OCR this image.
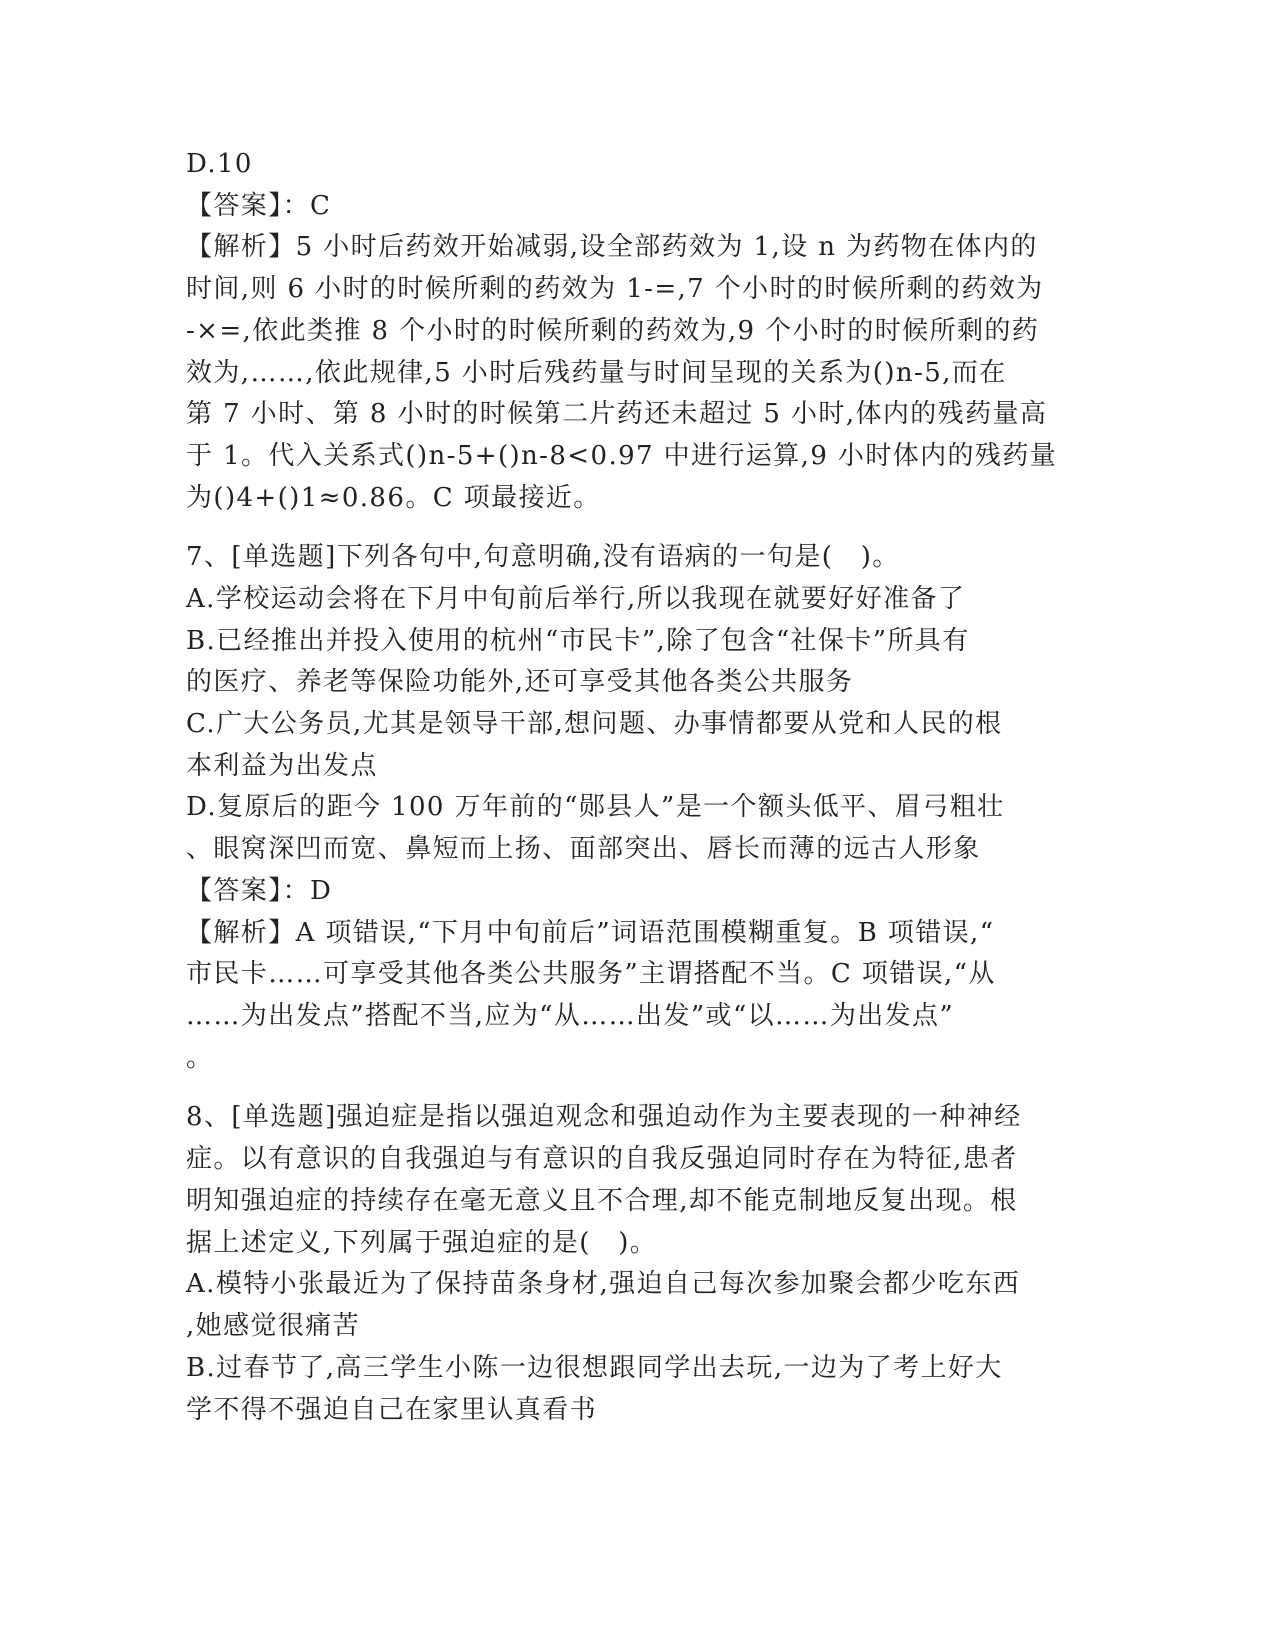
D.10
【答案】：C
【解析】5 小时后药效开始减弱,设全部药效为 1,设 n 为药物在体内的
时间,则 6 小时的时候所剩的药效为 1-=,7 个小时的时候所剩的药效为
-×=,依此类推 8 个小时的时候所剩的药效为,9 个小时的时候所剩的药
效为,……,依此规律,5 小时后残药量与时间呈现的关系为()n-5,而在
第 7 小时、第 8 小时的时候第二片药还未超过 5 小时,体内的残药量高
于 1。代入关系式()n-5+()n-8<0.97 中进行运算,9 小时体内的残药量
为()4+()1≈0.86。C 项最接近。
7、[单选题]下列各句中,句意明确,没有语病的一句是(　)。
A.学校运动会将在下月中旬前后举行,所以我现在就要好好准备了
B.已经推出并投入使用的杭州“市民卡”,除了包含“社保卡”所具有
的医疗、养老等保险功能外,还可享受其他各类公共服务
C.广大公务员,尤其是领导干部,想问题、办事情都要从党和人民的根
本利益为出发点
D.复原后的距今 100 万年前的“郧县人”是一个额头低平、眉弓粗壮
、眼窝深凹而宽、鼻短而上扬、面部突出、唇长而薄的远古人形象
【答案】：D
【解析】A 项错误,“下月中旬前后”词语范围模糊重复。B 项错误,“
市民卡……可享受其他各类公共服务”主谓搭配不当。C 项错误,“从
……为出发点”搭配不当,应为“从……出发”或“以……为出发点”
。
8、[单选题]强迫症是指以强迫观念和强迫动作为主要表现的一种神经
症。以有意识的自我强迫与有意识的自我反强迫同时存在为特征,患者
明知强迫症的持续存在毫无意义且不合理,却不能克制地反复出现。根
据上述定义,下列属于强迫症的是(　)。
A.模特小张最近为了保持苗条身材,强迫自己每次参加聚会都少吃东西
,她感觉很痛苦
B.过春节了,高三学生小陈一边很想跟同学出去玩,一边为了考上好大
学不得不强迫自己在家里认真看书
